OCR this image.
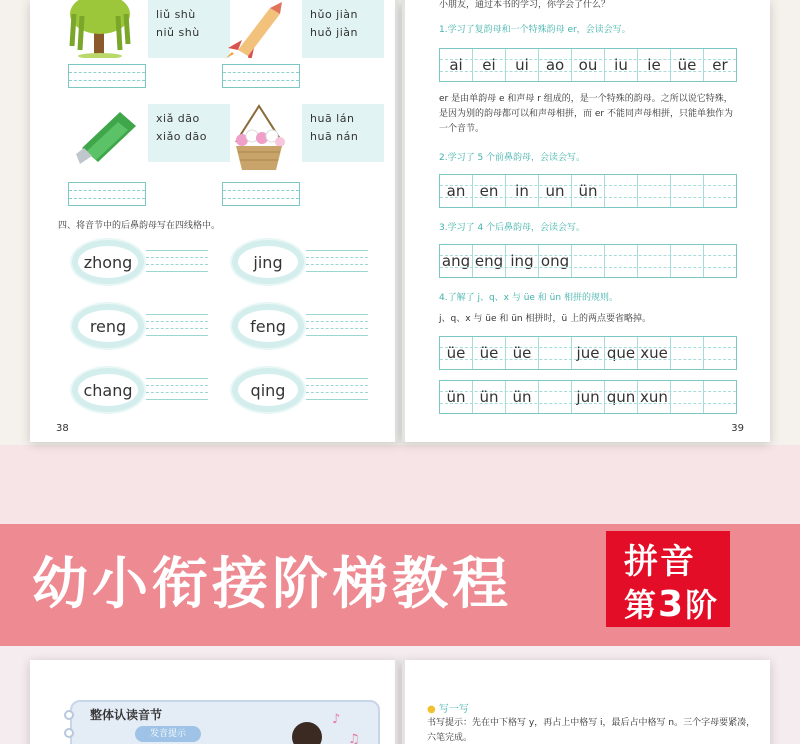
liǔ shù
niǔ shù
hǔo jiàn
huǒ jiàn
xiǎ dāo
xiǎo dāo
huā lán
huā nán
四、将音节中的后鼻韵母写在四线格中。
zhong	jing
reng	feng
chang	qing
38
小朋友，通过本书的学习，你学会了什么？
1.学习了复韵母和一个特殊韵母 er，会读会写。
ai	ei	ui	ao ou	iu	ie	üe	er
er 是由单韵母 e 和声母 r 组成的，是一个特殊的韵母。之所以说它特殊，是因为别的韵母都可以和声母相拼，而 er 不能同声母相拼，只能单独作为一个音节。
2.学习了 5 个前鼻韵母，会读会写。
an en	in	un ün
3.学习了 4 个后鼻韵母，会读会写。
ang eng ing ong
4.了解了 j、q、x 与 üe 和 ün 相拼的规则。
j、q、x 与 üe 和 ün 相拼时，ü 上的两点要省略掉。
üe üe üe	jue que xue
ün ün ün	jun qun xun
39
幼小衔接阶梯教程	拼音
第3阶
整体认读音节
发音提示
♪
♫
● 写一写
书写提示：先在中下格写 y，再占上中格写 i，最后占中格写 n。三个字母要紧凑，六笔完成。
